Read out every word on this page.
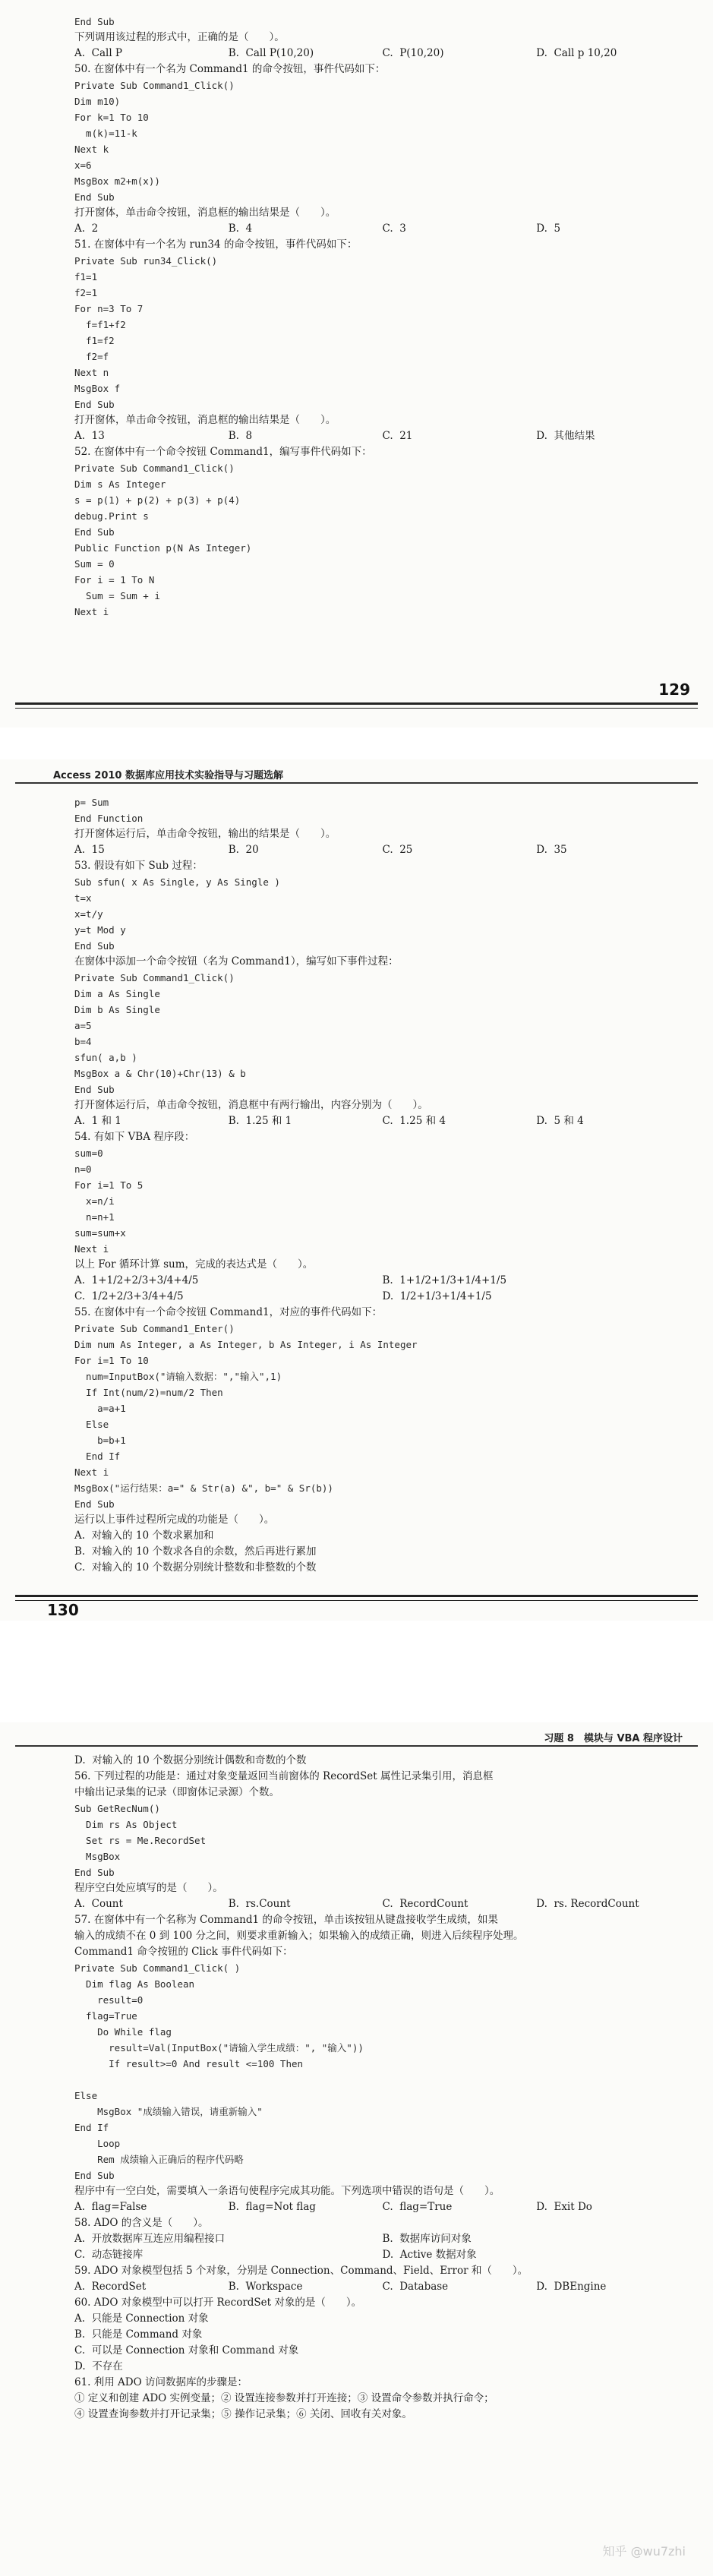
End Sub
下列调用该过程的形式中，正确的是（　　）。
A.  Call P	B.  Call P(10,20)	C.  P(10,20)	D.  Call p 10,20
50. 在窗体中有一个名为 Command1 的命令按钮，事件代码如下：
Private Sub Command1_Click()
Dim m10)
For k=1 To 10
m(k)=11-k
Next k
x=6
MsgBox m2+m(x))
End Sub
打开窗体，单击命令按钮，消息框的输出结果是（　　）。
A.  2	B.  4	C.  3	D.  5
51. 在窗体中有一个名为 run34 的命令按钮，事件代码如下：
Private Sub run34_Click()
f1=1
f2=1
For n=3 To 7
f=f1+f2
f1=f2
f2=f
Next n
MsgBox f
End Sub
打开窗体，单击命令按钮，消息框的输出结果是（　　）。
A.  13	B.  8	C.  21	D.  其他结果
52. 在窗体中有一个命令按钮 Command1，编写事件代码如下：
Private Sub Command1_Click()
Dim s As Integer
s = p(1) + p(2) + p(3) + p(4)
debug.Print s
End Sub
Public Function p(N As Integer)
Sum = 0
For i = 1 To N
Sum = Sum + i
Next i
129
Access 2010 数据库应用技术实验指导与习题选解
p= Sum
End Function
打开窗体运行后，单击命令按钮，输出的结果是（　　）。
A.  15	B.  20	C.  25	D.  35
53. 假设有如下 Sub 过程：
Sub sfun( x As Single, y As Single )
t=x
x=t/y
y=t Mod y
End Sub
在窗体中添加一个命令按钮（名为 Command1），编写如下事件过程：
Private Sub Command1_Click()
Dim a As Single
Dim b As Single
a=5
b=4
sfun( a,b )
MsgBox a & Chr(10)+Chr(13) & b
End Sub
打开窗体运行后，单击命令按钮，消息框中有两行输出，内容分别为（　　）。
A.  1 和 1	B.  1.25 和 1	C.  1.25 和 4	D.  5 和 4
54. 有如下 VBA 程序段：
sum=0
n=0
For i=1 To 5
x=n/i
n=n+1
sum=sum+x
Next i
以上 For 循环计算 sum，完成的表达式是（　　）。
A.  1+1/2+2/3+3/4+4/5	B.  1+1/2+1/3+1/4+1/5
C.  1/2+2/3+3/4+4/5	D.  1/2+1/3+1/4+1/5
55. 在窗体中有一个命令按钮 Command1，对应的事件代码如下：
Private Sub Command1_Enter()
Dim num As Integer, a As Integer, b As Integer, i As Integer
For i=1 To 10
num=InputBox("请输入数据：","输入",1)
If Int(num/2)=num/2 Then
a=a+1
Else
b=b+1
End If
Next i
MsgBox("运行结果：a=" & Str(a) &", b=" & Sr(b))
End Sub
运行以上事件过程所完成的功能是（　　）。
A.  对输入的 10 个数求累加和
B.  对输入的 10 个数求各自的余数，然后再进行累加
C.  对输入的 10 个数据分别统计整数和非整数的个数
130
习题 8　模块与 VBA 程序设计
D.  对输入的 10 个数据分别统计偶数和奇数的个数
56. 下列过程的功能是：通过对象变量返回当前窗体的 RecordSet 属性记录集引用，消息框
中输出记录集的记录（即窗体记录源）个数。
Sub GetRecNum()
Dim rs As Object
Set rs = Me.RecordSet
MsgBox
End Sub
程序空白处应填写的是（　　）。
A.  Count	B.  rs.Count	C.  RecordCount	D.  rs. RecordCount
57. 在窗体中有一个名称为 Command1 的命令按钮，单击该按钮从键盘接收学生成绩，如果
输入的成绩不在 0 到 100 分之间，则要求重新输入；如果输入的成绩正确，则进入后续程序处理。
Command1 命令按钮的 Click 事件代码如下：
Private Sub Command1_Click( )
Dim flag As Boolean
result=0
flag=True
Do While flag
result=Val(InputBox("请输入学生成绩：", "输入"))
If result>=0 And result <=100 Then
Else
MsgBox "成绩输入错误，请重新输入"
End If
Loop
Rem 成绩输入正确后的程序代码略
End Sub
程序中有一空白处，需要填入一条语句使程序完成其功能。下列选项中错误的语句是（　　）。
A.  flag=False	B.  flag=Not flag	C.  flag=True	D.  Exit Do
58. ADO 的含义是（　　）。
A.  开放数据库互连应用编程接口	B.  数据库访问对象
C.  动态链接库	D.  Active 数据对象
59. ADO 对象模型包括 5 个对象，分别是 Connection、Command、Field、Error 和（　　）。
A.  RecordSet	B.  Workspace	C.  Database	D.  DBEngine
60. ADO 对象模型中可以打开 RecordSet 对象的是（　　）。
A.  只能是 Connection 对象
B.  只能是 Command 对象
C.  可以是 Connection 对象和 Command 对象
D.  不存在
61. 利用 ADO 访问数据库的步骤是：
① 定义和创建 ADO 实例变量；② 设置连接参数并打开连接；③ 设置命令参数并执行命令；
④ 设置查询参数并打开记录集；⑤ 操作记录集；⑥ 关闭、回收有关对象。
知乎 @wu7zhi
